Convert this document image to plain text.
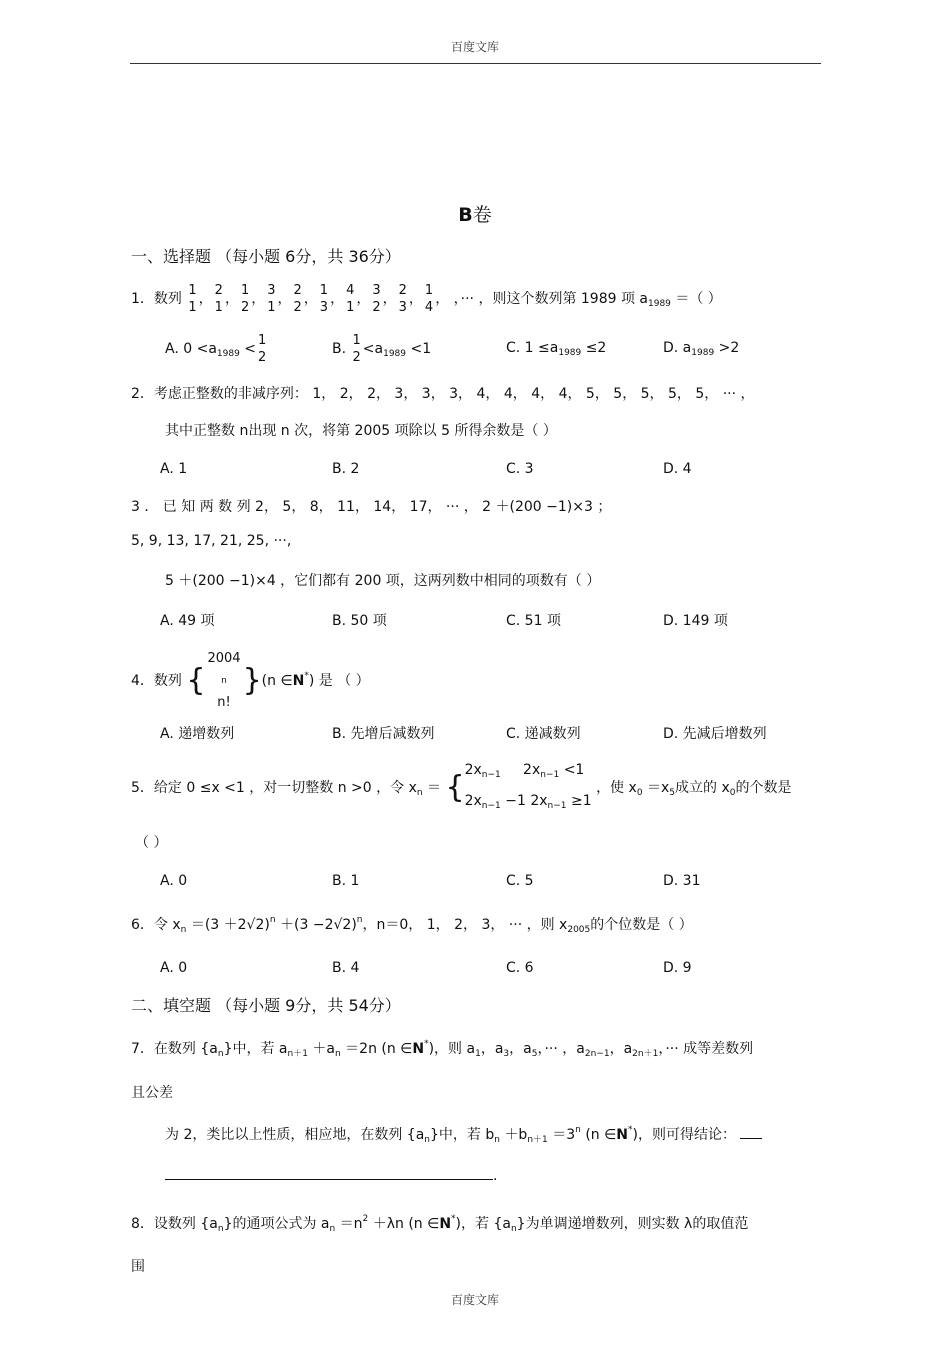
百度文库
B卷
一、选择题 （每小题 6分，共 36分）
1．数列
1
1
，
2
1
，
1
2
，
3
1
，
2
2
，
1
3
，
4
1
，
3
2
，
2
3
，
1
4
， ，··· ，则这个数列第 1989 项 $a_{1989}$ ＝（ ）
A. $0 <a_{1989}$ <
1
2
B.
1
2
$<a_{1989} <1$	C. $1 \le a_{1989} \le 2$	D. $a_{1989} >2$
2．考虑正整数的非减序列： 1， 2， 2， 3， 3， 3， 4， 4， 4， 4， 5， 5， 5， 5， 5， ··· ，
其中正整数 n出现 n 次，将第 2005 项除以 5 所得余数是（ ）
A. 1	B. 2	C. 3	D. 4
3 ． 已 知 两 数 列 2， 5， 8， 11， 14， 17， ··· ， 2 ＋(200 −1)×3 ；
5, 9, 13, 17, 21, 25, ···,
5 ＋(200 −1)×4 ，它们都有 200 项，这两列数中相同的项数有（ ）
A. 49 项	B. 50 项	C. 51 项	D. 149 项
4．数列 {
2004
n
n!
}(n ∈N*) 是 （ ）
A. 递增数列	B. 先增后减数列	C. 递减数列	D. 先减后增数列
5．给定 0 ≤x <1 ，对一切整数 n >0 ，令 $x_n$ ＝ { $2x_{n-1}$ $2x_{n-1} <1$
$2x_{n-1} -1$ $2x_{n-1} \ge 1$
，使 $x_0 =x_5$成立的 $x_0$的个数是
（ ）
A. 0	B. 1	C. 5	D. 31
6．令 $x_n =(3 +2√2)^n +(3 -2√2)^n$，n＝0， 1， 2， 3， ··· ，则 $x_{2005}$的个位数是（ ）
A. 0	B. 4	C. 6	D. 9
二、填空题 （每小题 9分，共 54分）
7．在数列 $\{a_n\}$中，若 $a_{n+1} +a_n =2n$ (n ∈N*)，则 $a_1$，$a_3$，$a_5$，··· ，$a_{2n-1}$，$a_{2n+1}$，··· 成等差数列
且公差
为 2，类比以上性质，相应地，在数列 $\{a_n\}$中，若 $b_n +b_{n+1} =3^n$ (n ∈N*)，则可得结论：
.
8．设数列 $\{a_n\}$的通项公式为 $a_n =n^2 +\lambda n$ (n ∈N*)，若 $\{a_n\}$为单调递增数列，则实数 λ的取值范
围
百度文库
